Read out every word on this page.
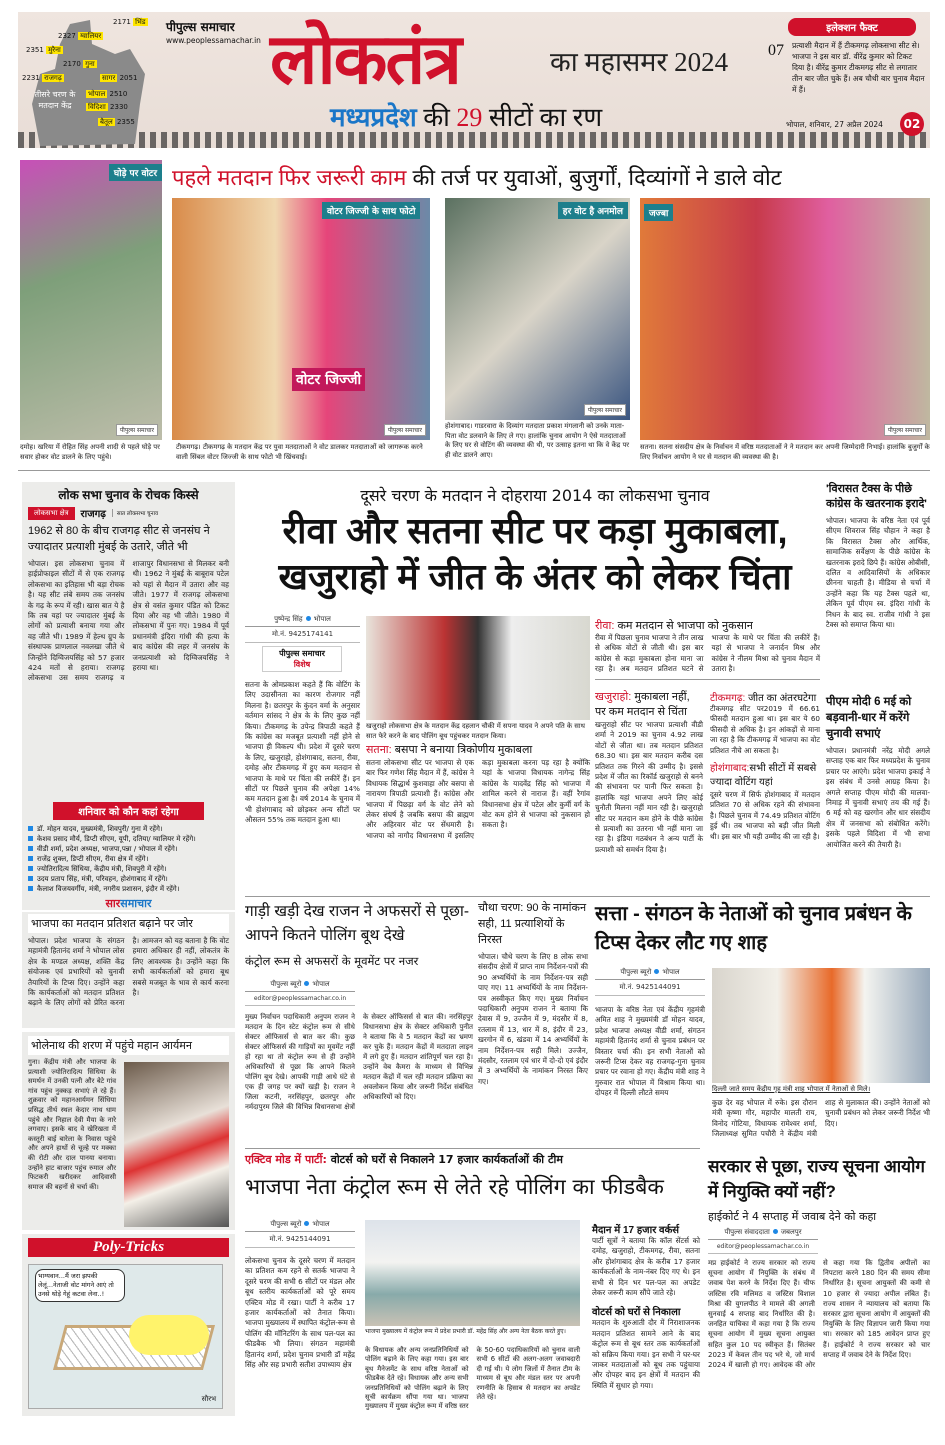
तीसरे चरण के मतदान केंद्र
2171 भिंड
2327 ग्वालियर
2351 मुरैना
2170 गुना
2231 राजगढ़	सागर 2051
भोपाल 2510
विदिशा 2330
बैतूल 2355
पीपुल्स समाचार
www.peoplessamachar.in लोकतंत्र	का महासमर 2024
मध्यप्रदेश की 29 सीटों का रण
इलेक्शन फैक्ट
07 प्रत्याशी मैदान में हैं टीकमगढ़ लोकसभा सीट से। भाजपा ने इस बार डॉ. वीरेंद्र कुमार को टिकट दिया है। वीरेंद्र कुमार टीकमगढ़ सीट से लगातार तीन बार जीत चुके हैं। अब चौथी बार चुनाव मैदान में हैं।
भोपाल, शनिवार, 27 अप्रैल 2024	02
घोड़े पर वोटर
पीपुल्स समाचार
पहले मतदान फिर जरूरी काम की तर्ज पर युवाओं, बुजुर्गों, दिव्यांगों ने डाले वोट
वोटर जिज्जी के साथ फोटो
वोटर जिज्जी
पीपुल्स समाचार
हर वोट है अनमोल
पीपुल्स समाचार
जज्बा
पीपुल्स समाचार
दमोह। खरिया में रोहित सिंह अपनी शादी से पहले घोड़े पर सवार होकर वोट डालने के लिए पहुंचे।
टीकमगढ़। टीकमगढ़ के मतदान केंद्र पर युवा मतदाताओं ने वोट डालकर मतदाताओं को जागरूक करने वाली सिंबल वोटर जिज्जी के साथ फोटो भी खिंचवाई।
होशंगाबाद। गाडरवारा के दिव्यांग मतदाता प्रकाश मंगलानी को उनके माता-पिता वोट डलवाने के लिए ले गए। हालांकि चुनाव आयोग ने ऐसे मतदाताओं के लिए घर से वोटिंग की व्यवस्था की थी, पर उत्साह इतना था कि वे केंद्र पर ही वोट डालने आए।
सतना। सतना संसदीय क्षेत्र के निर्वाचन में वरिष्ठ मतदाताओं ने ने मतदान कर अपनी जिम्मेदारी निभाई। हालांकि बुजुर्गों के लिए निर्वाचन आयोग ने घर से मतदान की व्यवस्था की है।
लोक सभा चुनाव के रोचक किस्से
लोकसभा क्षेत्र	राजगढ़	सात लोकसभा चुनाव
1962 से 80 के बीच राजगढ़ सीट से जनसंघ ने ज्यादातर प्रत्याशी मुंबई के उतारे, जीते भी
भोपाल। इस लोकसभा चुनाव में हाईप्रोफाइल सीटों में से एक राजगढ़ लोकसभा का इतिहास भी बड़ा रोचक है। यह सीट लंबे समय तक जनसंघ के गढ़ के रूप में रही। खास बात ये है कि तब यहां पर ज्यादातर मुंबई के लोगों को प्रत्याशी बनाया गया और वह जीते भी। 1989 में हेल्थ ग्रुप के संस्थापक प्राणलाल नवलखा जीते थे जिन्होंने दिग्विजयसिंह को 57 हजार 424 मतों से हराया। राजगढ़ लोकसभा उस समय राजगढ़ व शाजापुर विधानसभा से मिलकर बनी थी। 1962 ने मुंबई के बाबूराव पटेल को यहां से मैदान में उतारा और वह जीते। 1977 में राजगढ़ लोकसभा क्षेत्र से वसंत कुमार पंडित को टिकट दिया और वह भी जीते। 1980 में लोकसभा में पुनः गए। 1984 में पूर्व प्रधानमंत्री इंदिरा गांधी की हत्या के बाद कांग्रेस की लहर में जनसंघ के जनप्रत्याशी को दिग्विजयसिंह ने हराया था।
शनिवार को कौन कहां रहेगा
डॉ. मोहन यादव, मुख्यमंत्री, शिवपुरी/ गुना में रहेंगे।
केशव प्रसाद मौर्य, डिप्टी सीएम, यूपी, दतिया/ ग्वालियर मे रहेंगे।
वीडी शर्मा, प्रदेश अध्यक्ष, भाजपा,पन्ना / भोपाल में रहेंगे।
राजेंद्र शुक्ल, डिप्टी सीएम, रीवा क्षेत्र में रहेंगे।
ज्योतिरादित्य सिंधिया, केंद्रीय मंत्री, शिवपुरी में रहेंगे।
उदय प्रताप सिंह, मंत्री, परिवहन, होशंगाबाद में रहेंगे।
कैलाश विजयवर्गीय, मंत्री, नगरीय प्रशासन, इंदौर में रहेंगे।
सारसमाचार
भाजपा का मतदान प्रतिशत बढ़ाने पर जोर
भोपाल। प्रदेश भाजपा के संगठन महामंत्री हितानंद शर्मा ने भोपाल लोस क्षेत्र के मण्डल अध्यक्ष, शक्ति केंद्र संयोजक एवं प्रभारियों को चुनावी तैयारियों के टिप्स दिए। उन्होंने कहा कि कार्यकर्ताओं को मतदान प्रतिशत बढ़ाने के लिए लोगों को प्रेरित करना है। आमजन को यह बताना है कि वोट हमारा अधिकार ही नहीं, लोकतंत्र के लिए आवश्यक है। उन्होंने कहा कि सभी कार्यकर्ताओं को हमारा बूथ सबसे मजबूत के भाव से कार्य करना है।
भोलेनाथ की शरण में पहुंचे महान आर्यमन
गुना। केंद्रीय मंत्री और भाजपा के प्रत्याशी ज्योतिरादित्य सिंधिया के समर्थन में उनकी पत्नी और बेटे गांव गांव पहुंच नुक्कड़ सभाएं ले रहे हैं। शुक्रवार को महानआर्यमन सिंधिया प्रसिद्ध तीर्थ स्थल केदार नाथ धाम पहुंचे और निहाल देवी मैया के नारे लगवाए। इसके बाद वे खेरिखता में कस्तूरी बाई बारेला के निवास पहुंचे और अपने हाथों से चूल्हे पर मक्का की रोटी और दाल पानया बनाया। उन्होंने हाट बाजार पहुंच रुमाल और फिटकरी खरीदकर आदिवासी समाज की बहनों से चर्चा की।
Poly-Tricks
भाग्यवान...मैं जरा झपकी लेलूं...नेताजी वोट मांगने आएं तो उनसे थोड़े गेहूं कटवा लेना..!
सौरभ
दूसरे चरण के मतदान ने दोहराया 2014 का लोकसभा चुनाव
रीवा और सतना सीट पर कड़ा मुकाबला, खजुराहो में जीत के अंतर को लेकर चिंता
पुष्पेन्द्र सिंह भोपाल
मो.नं. 9425174141
पीपुल्स समाचार
विशेष
सतना के ओमप्रकाश कहते हैं कि वोटिंग के लिए उदासीनता का कारण रोजगार नहीं मिलना है। छतरपुर के कुंदन वर्मा के अनुसार वर्तमान सांसद ने क्षेत्र के के लिए कुछ नहीं किया। टीकमगढ़ के उपेन्द्र त्रिपाठी कहते हैं कि कांग्रेस का मजबूत प्रत्याशी नहीं होने से भाजपा ही विकल्प थी। प्रदेश में दूसरे चरण के लिए, खजुराहो, होशंगाबाद, सतना, रीवा, दमोह और टीकमगढ़ में हुए कम मतदान से भाजपा के माथे पर चिंता की लकीरें हैं। इन सीटों पर पिछले चुनाव की अपेक्षा 14% कम मतदान हुआ है। वर्ष 2014 के चुनाव में भी होशंगाबाद को छोड़कर अन्य सीटों पर औसतन 55% तक मतदान हुआ था।
खजुराहो लोकसभा क्षेत्र के मतदान केंद्र दहलान चौकी में सपना यादव ने अपने पति के साथ सात फेरे करने के बाद पोलिंग बूथ पहुंचकर मतदान किया।
सतना: बसपा ने बनाया त्रिकोणीय मुकाबला
सतना लोकसभा सीट पर भाजपा से एक बार फिर गणेश सिंह मैदान में हैं, कांग्रेस ने विधायक सिद्धार्थ कुशवाहा और बसपा से नारायण त्रिपाठी प्रत्याशी हैं। कांग्रेस और भाजपा में पिछड़ा वर्ग के वोट लेने को लेकर संघर्ष है जबकि बसपा की ब्राह्मण और अहिरवार वोट पर सेंधमारी है। भाजपा को नागौद विधानसभा में इसलिए कड़ा मुकाबला करना पड़ रहा है क्योंकि यहां के भाजपा विधायक नागेन्द्र सिंह कांग्रेस के यादवेंद्र सिंह को भाजपा में शामिल करने से नाराज हैं। वहीं रैगांव विधानसभा क्षेत्र में पटेल और कुर्मी वर्ग के वोट कम होने से भाजपा को नुकसान हो सकता है।
रीवा: कम मतदान से भाजपा को नुकसान
रीवा में पिछला चुनाव भाजपा ने तीन लाख से अधिक वोटों से जीती थी। इस बार कांग्रेस से कड़ा मुकाबला होना माना जा रहा है। अब मतदान प्रतिशत घटने से भाजपा के माथे पर चिंता की लकीरें हैं। यहां से भाजपा ने जनार्दन मिश्र और कांग्रेस ने नीलम मिश्रा को चुनाव मैदान में उतारा है।
खजुराहो: मुकाबला नहीं, पर कम मतदान से चिंता
खजुराहो सीट पर भाजपा प्रत्याशी वीडी शर्मा ने 2019 का चुनाव 4.92 लाख वोटों से जीता था। तब मतदान प्रतिशत 68.30 था। इस बार मतदान करीब दस प्रतिशत तक गिरने की उम्मीद है। इससे प्रदेश में जीत का रिकॉर्ड खजुराहो से बनने की संभावना पर पानी फिर सकता है। हालांकि यहां भाजपा अपने लिए कोई चुनौती मिलना नहीं मान रही है। खजुराहो सीट पर मतदान कम होने के पीछे कांग्रेस से प्रत्याशी का उतरना भी नहीं माना जा रहा है। इंडिया गठबंधन ने अन्य पार्टी के प्रत्याशी को समर्थन दिया है।
टीकमगढ़: जीत का अंतरघटेगा
टीकमगढ़ सीट पर2019 में 66.61 फीसदी मतदान हुआ था। इस बार ये 60 फीसदी से अधिक है। इन आंकड़ों से माना जा रहा है कि टीकमगढ़ में भाजपा का वोट प्रतिशत नीचे आ सकता है।
होशंगाबाद:सभी सीटों में सबसे ज्यादा वोटिंग यहां
दूसरे चरण में सिर्फ होशंगाबाद में मतदान प्रतिशत 70 से अधिक रहने की संभावना है। पिछले चुनाव में 74.49 प्रतिशत वोटिंग हुई थी। तब भाजपा को बड़ी जीत मिली थी। इस बार भी यही उम्मीद की जा रही है।
'विरासत टैक्स के पीछे कांग्रेस के खतरनाक इरादे'
भोपाल। भाजपा के वरिष्ठ नेता एवं पूर्व सीएम शिवराज सिंह चौहान ने कहा है कि विरासत टैक्स और आर्थिक, सामाजिक सर्वेक्षण के पीछे कांग्रेस के खतरनाक इरादे छिपे हैं। कांग्रेस ओबीसी, दलित व आदिवासियों के अधिकार छीनना चाहती है। मीडिया से चर्चा में उन्होंने कहा कि यह टैक्स पहले था, लेकिन पूर्व पीएम स्व. इंदिरा गांधी के निधन के बाद स्व. राजीव गांधी ने इस टैक्स को समाप्त किया था।
पीएम मोदी 6 मई को बड़वानी-धार में करेंगे चुनावी सभाएं
भोपाल। प्रधानमंत्री नरेंद्र मोदी अगले सप्ताह एक बार फिर मध्यप्रदेश के चुनाव प्रचार पर आएंगे। प्रदेश भाजपा इकाई ने इस संबंध में उनसे आग्रह किया है। अगले सप्ताह पीएम मोदी की मालवा-निमाड़ में चुनावी सभाएं तय की गई हैं। 6 मई को वह खरगोन और धार संसदीय क्षेत्र में जनसभा को संबोधित करेंगे। इसके पहले विदिशा में भी सभा आयोजित करने की तैयारी है।
गाड़ी खड़ी देख राजन ने अफसरों से पूछा-आपने कितने पोलिंग बूथ देखे
कंट्रोल रूम से अफसरों के मूवमेंट पर नजर
पीपुल्स ब्यूरो भोपाल
editor@peoplessamachar.co.in
मुख्य निर्वाचन पदाधिकारी अनुपम राजन ने मतदान के दिन स्टेट कंट्रोल रूम से सीधे सेक्टर ऑफिसर्स से बात कर की। कुछ सेक्टर ऑफिसर्स की गाड़ियों का मूवमेंट नहीं हो रहा था तो कंट्रोल रूम से ही उन्होंने अधिकारियों से पूछा कि आपने कितने पोलिंग बूथ देखे। आपकी गाड़ी आधे घंटे से एक ही जगह पर क्यों खड़ी है। राजन ने जिला कटनी, नरसिंहपुर, छतरपुर और नर्मदापुरम जिले की विभिन्न विधानसभा क्षेत्रों के सेक्टर ऑफिसर्स से बात की। नरसिंहपुर विधानसभा क्षेत्र के सेक्टर अधिकारी पुनीत ने बताया कि वे 5 मतदान केंद्रों का भ्रमण कर चुके हैं। मतदान केंद्रों में मतदाता लाइन में लगे हुए हैं। मतदान शांतिपूर्ण चल रहा है। उन्होंने वेब कैमरा के माध्यम से विभिन्न मतदान केंद्रों में चल रही मतदान प्रक्रिया का अवलोकन किया और जरूरी निर्देश संबंधित अधिकारियों को दिए।
चौथा चरण: 90 के नामांकन सही, 11 प्रत्याशियों के निरस्त
भोपाल। चौथे चरण के लिए 8 लोक सभा संसदीय क्षेत्रों में प्राप्त नाम निर्देशन-पत्रों की 90 अभ्यर्थियों के नाम निर्देशन-पत्र सही पाए गए। 11 अभ्यर्थियों के नाम निर्देशन-पत्र अस्वीकृत किए गए। मुख्य निर्वाचन पदाधिकारी अनुपम राजन ने बताया कि देवास में 9, उज्जैन में 9, मंदसौर में 8, रतलाम में 13, धार में 8, इंदौर में 23, खरगोन में 6, खंडवा में 14 अभ्यर्थियों के नाम निर्देशन-पत्र सही मिले। उज्जैन, मंदसौर, रतलाम एवं धार में दो-दो एवं इंदौर में 3 अभ्यर्थियों के नामांकन निरस्त किए गए।
सत्ता - संगठन के नेताओं को चुनाव प्रबंधन के टिप्स देकर लौट गए शाह
पीपुल्स ब्यूरो भोपाल
मो.नं. 9425144091
भाजपा के वरिष्ठ नेता एवं केंद्रीय गृहमंत्री अमित शाह ने मुख्यमंत्री डॉ मोहन यादव, प्रदेश भाजपा अध्यक्ष वीडी शर्मा, संगठन महामंत्री हितानंद शर्मा से चुनाव प्रबंधन पर विस्तार चर्चा की। इन सभी नेताओं को जरूरी टिप्स देकर वह राजगढ़-गुना चुनाव प्रचार पर रवाना हो गए। केंद्रीय मंत्री शाह ने गुरुवार रात भोपाल में विश्राम किया था। दोपहर में दिल्ली लौटते समय	दिल्ली जाते समय केंद्रीय गृह मंत्री शाह भोपाल में नेताओं से मिले।
कुछ देर वह भोपाल में रुके। इस दौरान मंत्री कृष्णा गौर, महापौर मालती राय, विनोद गोटिया, विधायक रामेश्वर शर्मा, जिलाध्यक्ष सुमित पचौरी ने केंद्रीय मंत्री शाह से मुलाकात की। उन्होंने नेताओं को चुनावी प्रबंधन को लेकर जरूरी निर्देश भी दिए।
एक्टिव मोड में पार्टी: वोटर्स को घरों से निकालने 17 हजार कार्यकर्ताओं की टीम
भाजपा नेता कंट्रोल रूम से लेते रहे पोलिंग का फीडबैक
पीपुल्स ब्यूरो भोपाल
मो.नं. 9425144091
लोकसभा चुनाव के दूसरे चरण में मतदान का प्रतिशत कम रहने से सतर्क भाजपा ने दूसरे चरण की सभी 6 सीटों पर मंडल और बूथ स्तरीय कार्यकर्ताओं को पूरे समय एक्टिव मोड में रखा। पार्टी ने करीब 17 हजार कार्यकर्ताओं को तैनात किया। भाजपा मुख्यालय में स्थापित कंट्रोल-रूम से पोलिंग की मॉनिटरिंग के साथ पल-पल का फीडबैक भी लिया। संगठन महामंत्री हितानंद शर्मा, प्रदेश चुनाव प्रभारी डॉ महेंद्र सिंह और सह प्रभारी सतीश उपाध्याय क्षेत्र
भाजपा मुख्यालय में कंट्रोल रूम में प्रदेश प्रभारी डॉ. महेंद्र सिंह और अन्य नेता बैठक करते हुए।
के विधायक और अन्य जनप्रतिनिधियों को पोलिंग बढ़ाने के लिए कहा गया। इस बार बूथ मैनेजमेंट के साथ वरिष्ठ नेताओं को फीडबैक देते रहे। विधायक और अन्य सभी जनप्रतिनिधियों को पोलिंग बढ़ाने के लिए सूची कार्यक्रम सौंपा गया था। भाजपा मुख्यालय में मुख्य कंट्रोल रूम में वरिष्ठ स्तर के 50-60 पदाधिकारियों को चुनाव वाली सभी 6 सीटों की अलग-अलग जवाबदारी दी गई थी। ये लोग जिलों में तैनात टीम के माध्यम से बूथ और मंडल स्तर पर अपनी रणनीति के हिसाब से मतदान का अपडेट लेते रहे।
मैदान में 17 हजार वर्कर्स
पार्टी सूत्रों ने बताया कि कॉल सेंटर्स को दमोह, खजुराहो, टीकमगढ़, रीवा, सतना और होशंगाबाद क्षेत्र के करीब 17 हजार कार्यकर्ताओं के नाम-नंबर दिए गए थे। इन सभी से दिन भर पल-पल का अपडेट लेकर जरूरी काम सौंपे जाते रहे।
वोटर्स को घरों से निकाला
मतदान के शुरुआती दौर में निराशाजनक मतदान प्रतिशत सामने आने के बाद कंट्रोल रूम से बूथ स्तर तक कार्यकर्ताओं को सक्रिय किया गया। इन सभी ने घर-घर जाकर मतदाताओं को बूथ तक पहुंचाया और दोपहर बाद इन क्षेत्रों में मतदान की स्थिति में सुधार हो गया।
सरकार से पूछा, राज्य सूचना आयोग में नियुक्ति क्यों नहीं?
हाईकोर्ट ने 4 सप्ताह में जवाब देने को कहा
पीपुल्स संवाददाता जबलपुर
editor@peoplessamachar.co.in
मप्र हाईकोर्ट ने राज्य सरकार को राज्य सूचना आयोग में नियुक्ति के संबंध में जवाब पेश करने के निर्देश दिए हैं। चीफ जस्टिस रवि मलिमठ व जस्टिस विशाल मिश्रा की युगलपीठ ने मामले की अगली सुनवाई 4 सप्ताह बाद निर्धारित की है। जनहित याचिका में कहा गया है कि राज्य सूचना आयोग में मुख्य सूचना आयुक्त सहित कुल 10 पद स्वीकृत हैं। सितंबर 2023 में केवल तीन पद भरे थे, जो मार्च 2024 में खाली हो गए। आवेदक की ओर से कहा गया कि द्वितीय अपीलों का निपटारा करने 180 दिन की समय सीमा निर्धारित है। सूचना आयुक्तों की कमी से 10 हजार से ज्यादा अपील लंबित हैं। राज्य शासन ने न्यायालय को बताया कि सरकार द्वारा सूचना आयोग में आयुक्तों की नियुक्ति के लिए विज्ञापन जारी किया गया था। सरकार को 185 आवेदन प्राप्त हुए हैं। हाईकोर्ट ने राज्य सरकार को चार सप्ताह में जवाब देने के निर्देश दिए।
